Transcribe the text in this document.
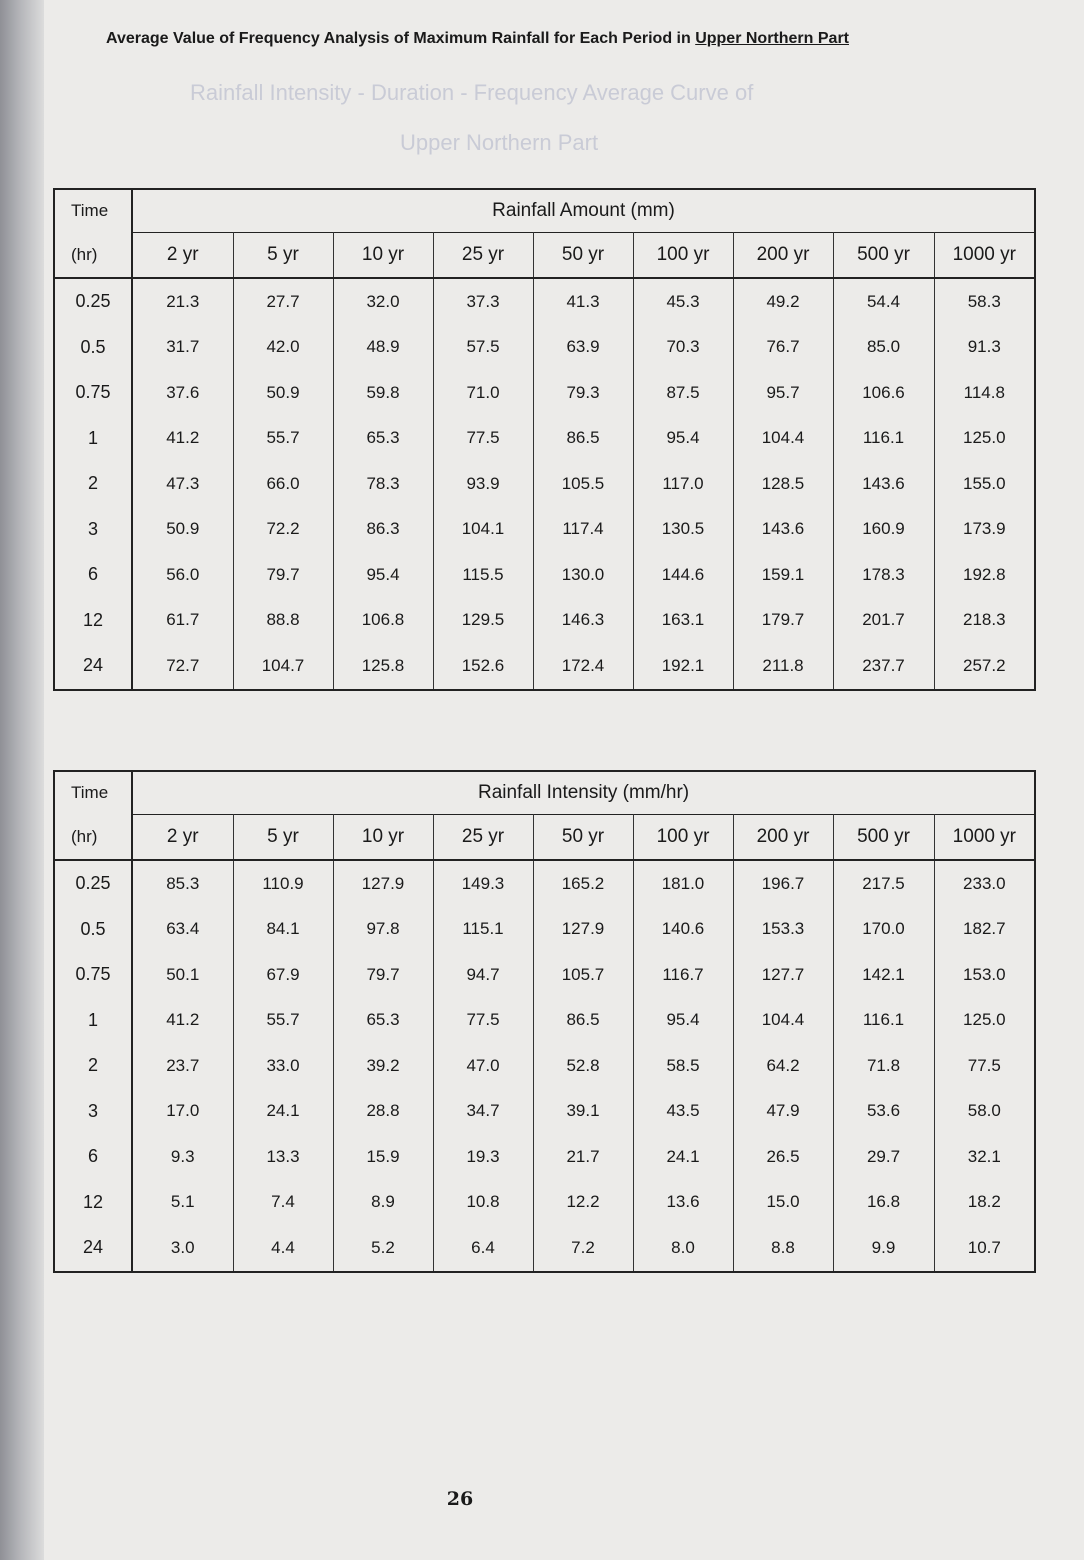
Rainfall Intensity - Duration - Frequency Average Curve of
Upper Northern Part
Average Value of Frequency Analysis of Maximum Rainfall for Each Period in Upper Northern Part
Time	Rainfall Amount (mm)								
(hr)	2 yr	5 yr	10 yr	25 yr	50 yr	100 yr	200 yr	500 yr	1000 yr
0.25	21.3	27.7	32.0	37.3	41.3	45.3	49.2	54.4	58.3
0.5	31.7	42.0	48.9	57.5	63.9	70.3	76.7	85.0	91.3
0.75	37.6	50.9	59.8	71.0	79.3	87.5	95.7	106.6	114.8
1	41.2	55.7	65.3	77.5	86.5	95.4	104.4	116.1	125.0
2	47.3	66.0	78.3	93.9	105.5	117.0	128.5	143.6	155.0
3	50.9	72.2	86.3	104.1	117.4	130.5	143.6	160.9	173.9
6	56.0	79.7	95.4	115.5	130.0	144.6	159.1	178.3	192.8
12	61.7	88.8	106.8	129.5	146.3	163.1	179.7	201.7	218.3
24	72.7	104.7	125.8	152.6	172.4	192.1	211.8	237.7	257.2
Time	Rainfall Intensity (mm/hr)								
(hr)	2 yr	5 yr	10 yr	25 yr	50 yr	100 yr	200 yr	500 yr	1000 yr
0.25	85.3	110.9	127.9	149.3	165.2	181.0	196.7	217.5	233.0
0.5	63.4	84.1	97.8	115.1	127.9	140.6	153.3	170.0	182.7
0.75	50.1	67.9	79.7	94.7	105.7	116.7	127.7	142.1	153.0
1	41.2	55.7	65.3	77.5	86.5	95.4	104.4	116.1	125.0
2	23.7	33.0	39.2	47.0	52.8	58.5	64.2	71.8	77.5
3	17.0	24.1	28.8	34.7	39.1	43.5	47.9	53.6	58.0
6	9.3	13.3	15.9	19.3	21.7	24.1	26.5	29.7	32.1
12	5.1	7.4	8.9	10.8	12.2	13.6	15.0	16.8	18.2
24	3.0	4.4	5.2	6.4	7.2	8.0	8.8	9.9	10.7
26
